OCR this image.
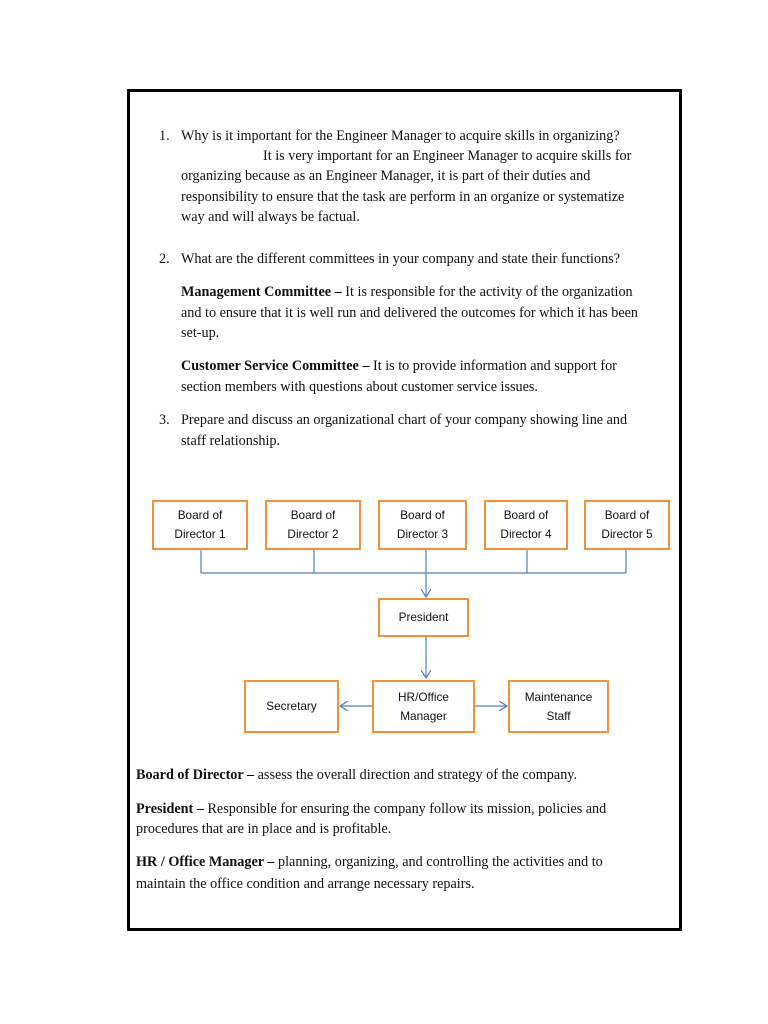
1. Why is it important for the Engineer Manager to acquire skills in organizing?

It is very important for an Engineer Manager to acquire skills for

organizing because as an Engineer Manager, it is part of their duties and

responsibility to ensure that the task are perform in an organize or systematize

way and will always be factual.

2. What are the different committees in your company and state their functions?

Management Committee – It is responsible for the activity of the organization

and to ensure that it is well run and delivered the outcomes for which it has been

set-up.

Customer Service Committee – It is to provide information and support for

section members with questions about customer service issues.

3. Prepare and discuss an organizational chart of your company showing line and

staff relationship.

Board of
Director 1
Board of
Director 2
Board of
Director 3
Board of
Director 4
Board of
Director 5
President
Secretary
HR/Office
Manager
Maintenance
Staff

Board of Director – assess the overall direction and strategy of the company.

President – Responsible for ensuring the company follow its mission, policies and

procedures that are in place and is profitable.

HR / Office Manager – planning, organizing, and controlling the activities and to

maintain the office condition and arrange necessary repairs.
